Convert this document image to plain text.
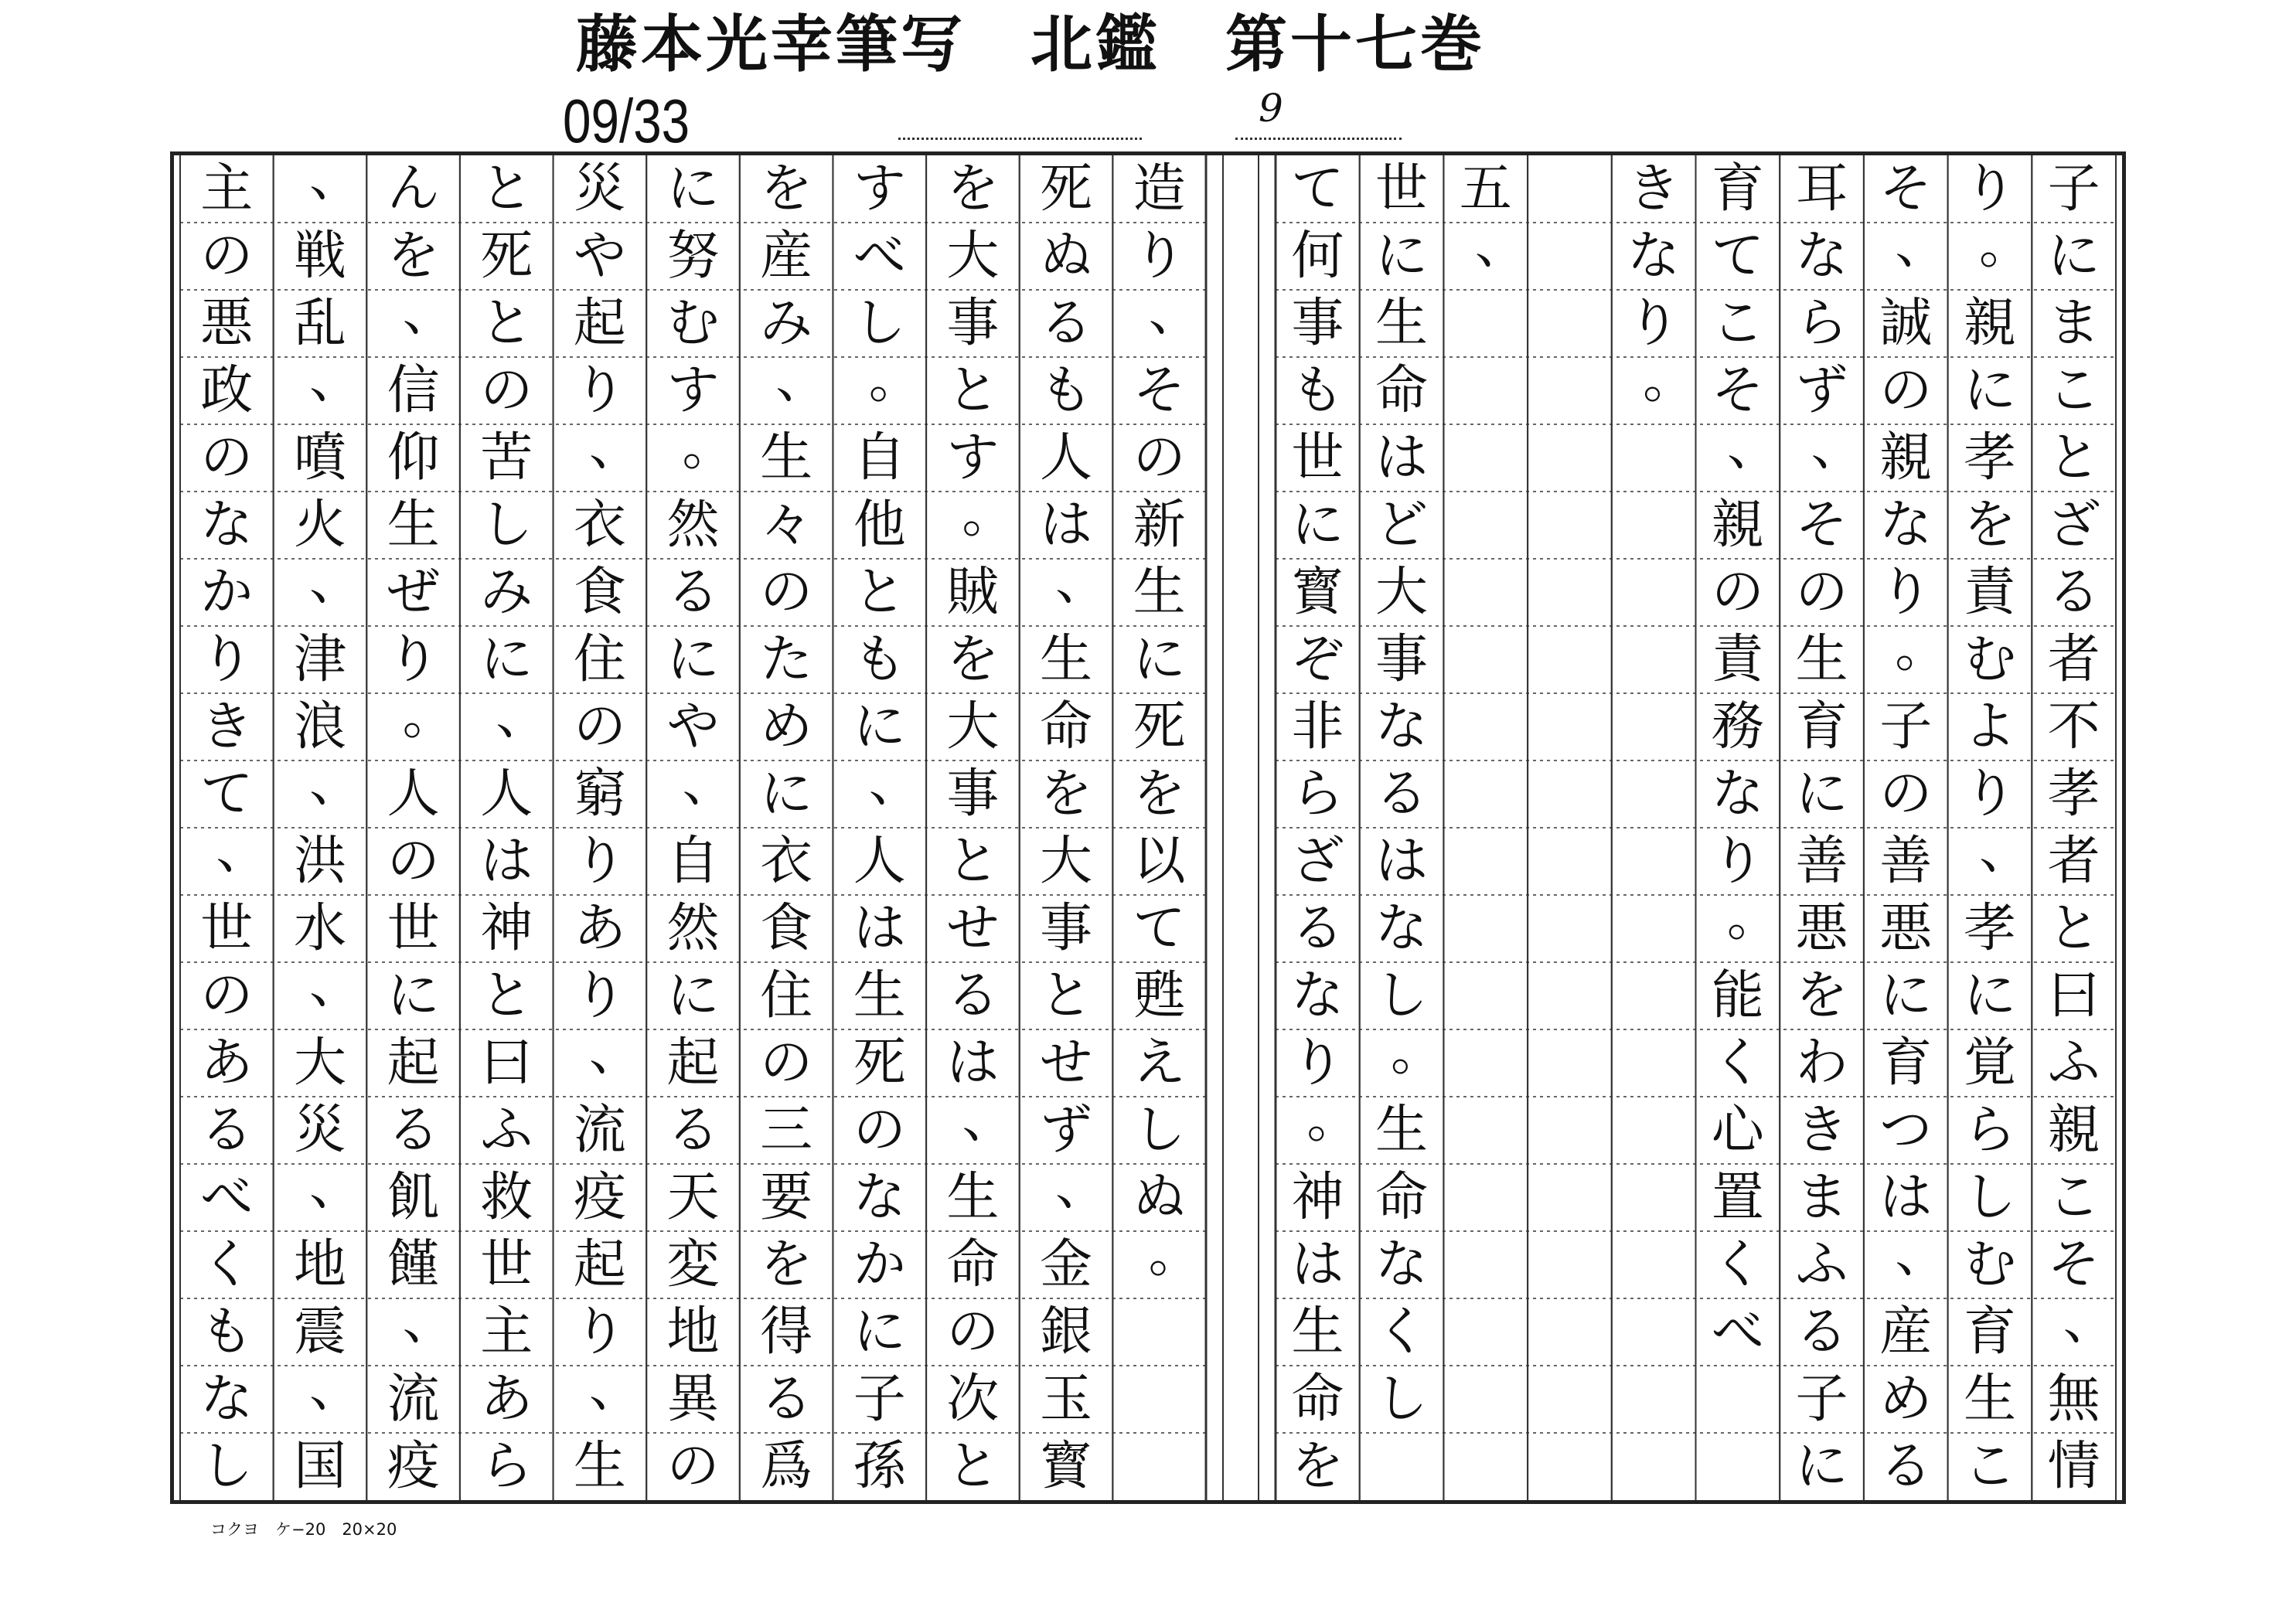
藤本光幸筆写　北鑑　第十七巻
09/33	9
子
に
ま
こ
と
ざ
る
者
不
孝
者
と
曰
ふ
親
こ
そ
、
無
情
り
。
親
に
孝
を
責
む
よ
り
、
孝
に
覚
ら
し
む
育
生
こ
そ
、
誠
の
親
な
り
。
子
の
善
悪
に
育
つ
は
、
産
め
る
耳
な
ら
ず
、
そ
の
生
育
に
善
悪
を
わ
き
ま
ふ
る
子
に
育
て
こ
そ
、
親
の
責
務
な
り
。
能
く
心
置
く
べ
き
な
り
。
五
、
世
に
生
命
は
ど
大
事
な
る
は
な
し
。
生
命
な
く
し
て
何
事
も
世
に
寳
ぞ
非
ら
ざ
る
な
り
。
神
は
生
命
を
造
り
、
そ
の
新
生
に
死
を
以
て
甦
え
し
ぬ
。
死
ぬ
る
も
人
は
、
生
命
を
大
事
と
せ
ず
、
金
銀
玉
寳
を
大
事
と
す
。
賊
を
大
事
と
せ
る
は
、
生
命
の
次
と
す
べ
し
。
自
他
と
も
に
、
人
は
生
死
の
な
か
に
子
孫
を
産
み
、
生
々
の
た
め
に
衣
食
住
の
三
要
を
得
る
爲
に
努
む
す
。
然
る
に
や
、
自
然
に
起
る
天
変
地
異
の
災
や
起
り
、
衣
食
住
の
窮
り
あ
り
、
流
疫
起
り
、
生
と
死
と
の
苦
し
み
に
、
人
は
神
と
曰
ふ
救
世
主
あ
ら
ん
を
、
信
仰
生
ぜ
り
。
人
の
世
に
起
る
飢
饉
、
流
疫
、
戦
乱
、
噴
火
、
津
浪
、
洪
水
、
大
災
、
地
震
、
国
主
の
悪
政
の
な
か
り
き
て
、
世
の
あ
る
べ
く
も
な
し
コクヨ　ケ−20　20×20
